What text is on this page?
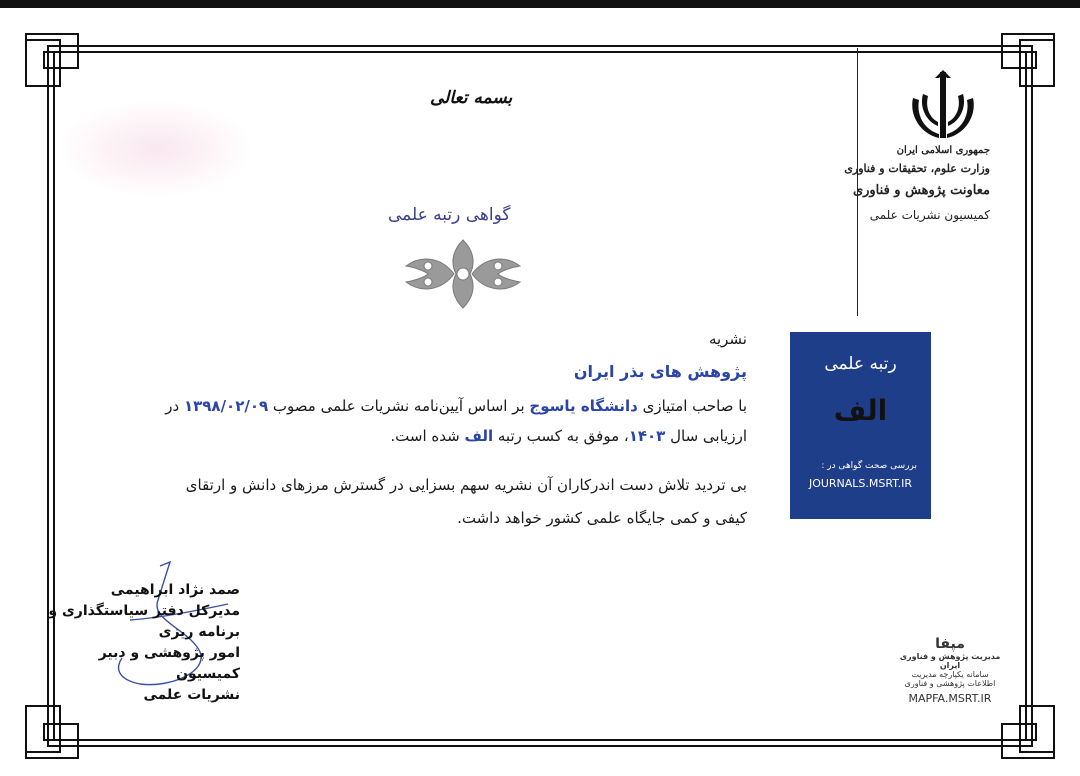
جمهوری اسلامی ایران
وزارت علوم، تحقیقات و فناوری
معاونت پژوهش و فناوری
کمیسیون نشریات علمی
بسمه تعالی
گواهی رتبه علمی
نشریه
پژوهش های بذر ایران
با صاحب امتیازی دانشگاه یاسوج بر اساس آیین‌نامه نشریات علمی مصوب ۱۳۹۸/۰۲/۰۹ در
ارزیابی سال ۱۴۰۳، موفق به کسب رتبه الف شده است.
بی تردید تلاش دست اندرکاران آن نشریه سهم بسزایی در گسترش مرزهای دانش و ارتقای
کیفی و کمی جایگاه علمی کشور خواهد داشت.
رتبه علمی
الف
بررسی صحت گواهی در :
JOURNALS.MSRT.IR
صمد نژاد ابراهیمی
مدیرکل دفتر سیاستگذاری و برنامه ریزی
امور پژوهشی و دبیر کمیسیون
نشریات علمی
مپفا
مدیریت پژوهش و فناوری ایران
سامانه یکپارچه مدیریت
اطلاعات پژوهشی و فناوری
MAPFA.MSRT.IR
